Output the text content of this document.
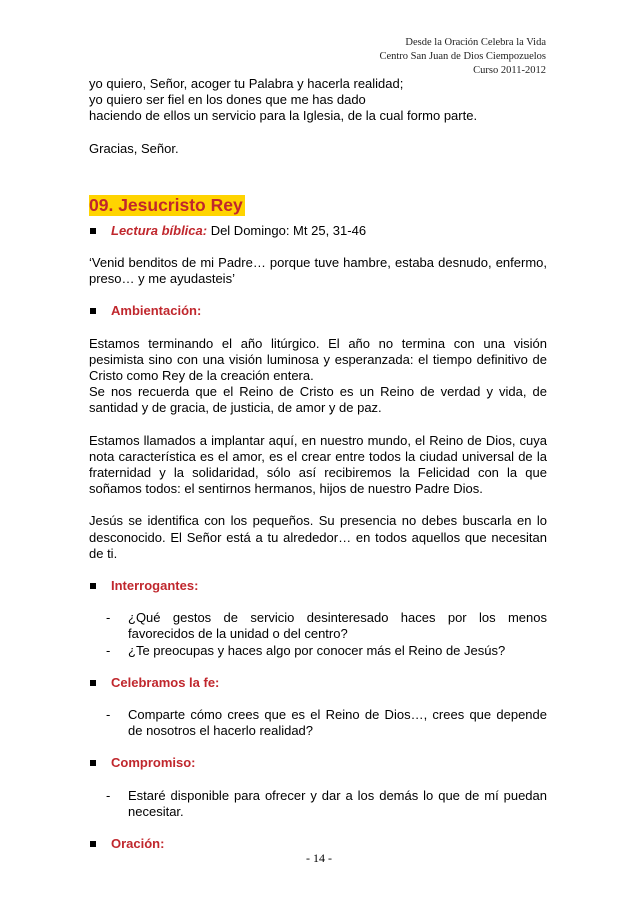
Desde la Oración Celebra la Vida
Centro San Juan de Dios Ciempozuelos
Curso 2011-2012

yo quiero, Señor, acoger tu Palabra y hacerla realidad;

yo quiero ser fiel en los dones que me has dado

haciendo de ellos un servicio para la Iglesia, de la cual formo parte.

Gracias, Señor.

09. Jesucristo Rey

Lectura bíblica: Del Domingo: Mt 25, 31-46

‘Venid benditos de mi Padre… porque tuve hambre, estaba desnudo, enfermo, preso… y me ayudasteis’

Ambientación:

Estamos terminando el año litúrgico. El año no termina con una visión pesimista sino con una visión luminosa y esperanzada: el tiempo definitivo de Cristo como Rey de la creación entera.

Se nos recuerda que el Reino de Cristo es un Reino de verdad y vida, de santidad y de gracia, de justicia, de amor y de paz.

Estamos llamados a implantar aquí, en nuestro mundo, el Reino de Dios, cuya nota característica es el amor, es el crear entre todos la ciudad universal de la fraternidad y la solidaridad, sólo así recibiremos la Felicidad con la que soñamos todos: el sentirnos hermanos, hijos de nuestro Padre Dios.

Jesús se identifica con los pequeños. Su presencia no debes buscarla en lo desconocido. El Señor está a tu alrededor… en todos aquellos que necesitan de ti.

Interrogantes:

- ¿Qué gestos de servicio desinteresado haces por los menos favorecidos de la unidad o del centro?

- ¿Te preocupas y haces algo por conocer más el Reino de Jesús?

Celebramos la fe:

- Comparte cómo crees que es el Reino de Dios…, crees que depende de nosotros el hacerlo realidad?

Compromiso:

- Estaré disponible para ofrecer y dar a los demás lo que de mí puedan necesitar.

Oración:

- 14 -
